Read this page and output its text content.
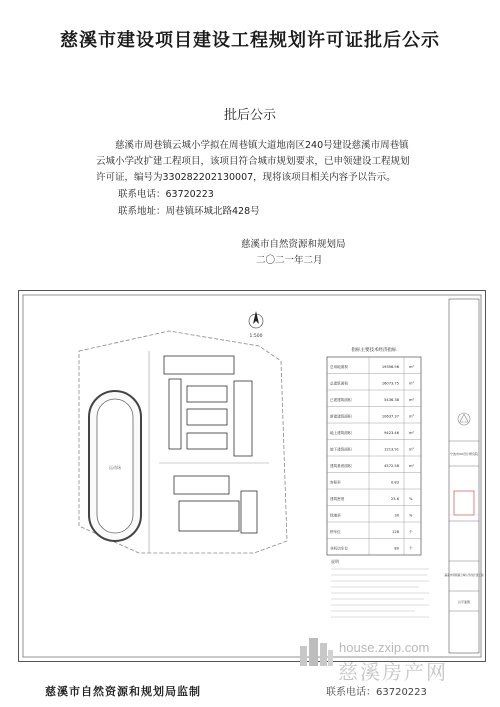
慈溪市建设项目建设工程规划许可证批后公示
批后公示
慈溪市周巷镇云城小学拟在周巷镇大道地南区240号建设慈溪市周巷镇云城小学改扩建工程项目，该项目符合城市规划要求，已申领建设工程规划许可证，编号为330282202130007，现将该项目相关内容予以告示。
联系电话：63720223
联系地址：周巷镇环城北路428号
慈溪市自然资源和规划局
二〇二一年二月
运动场
1:500
指标主要技术经济指标
总用地面积	19356.96	m²
总建筑面积	16073.75	m²
已建建筑面积	5436.38	m²
新建建筑面积	10637.37	m²
地上建筑面积	9423.46	m²
地下建筑面积	1213.91	m²
建筑基底面积	4572.58	m²
容积率	0.83
建筑密度	23.6	%
绿地率	30	%
停车位	128	个
非机动车位	80	个
说明
宁波市XX设计研究院
慈溪市周巷镇云城小学改扩建工程
总平面图
慈溪市自然资源和规划局监制	联系电话：63720223
house.zxip.com
慈溪房产网
